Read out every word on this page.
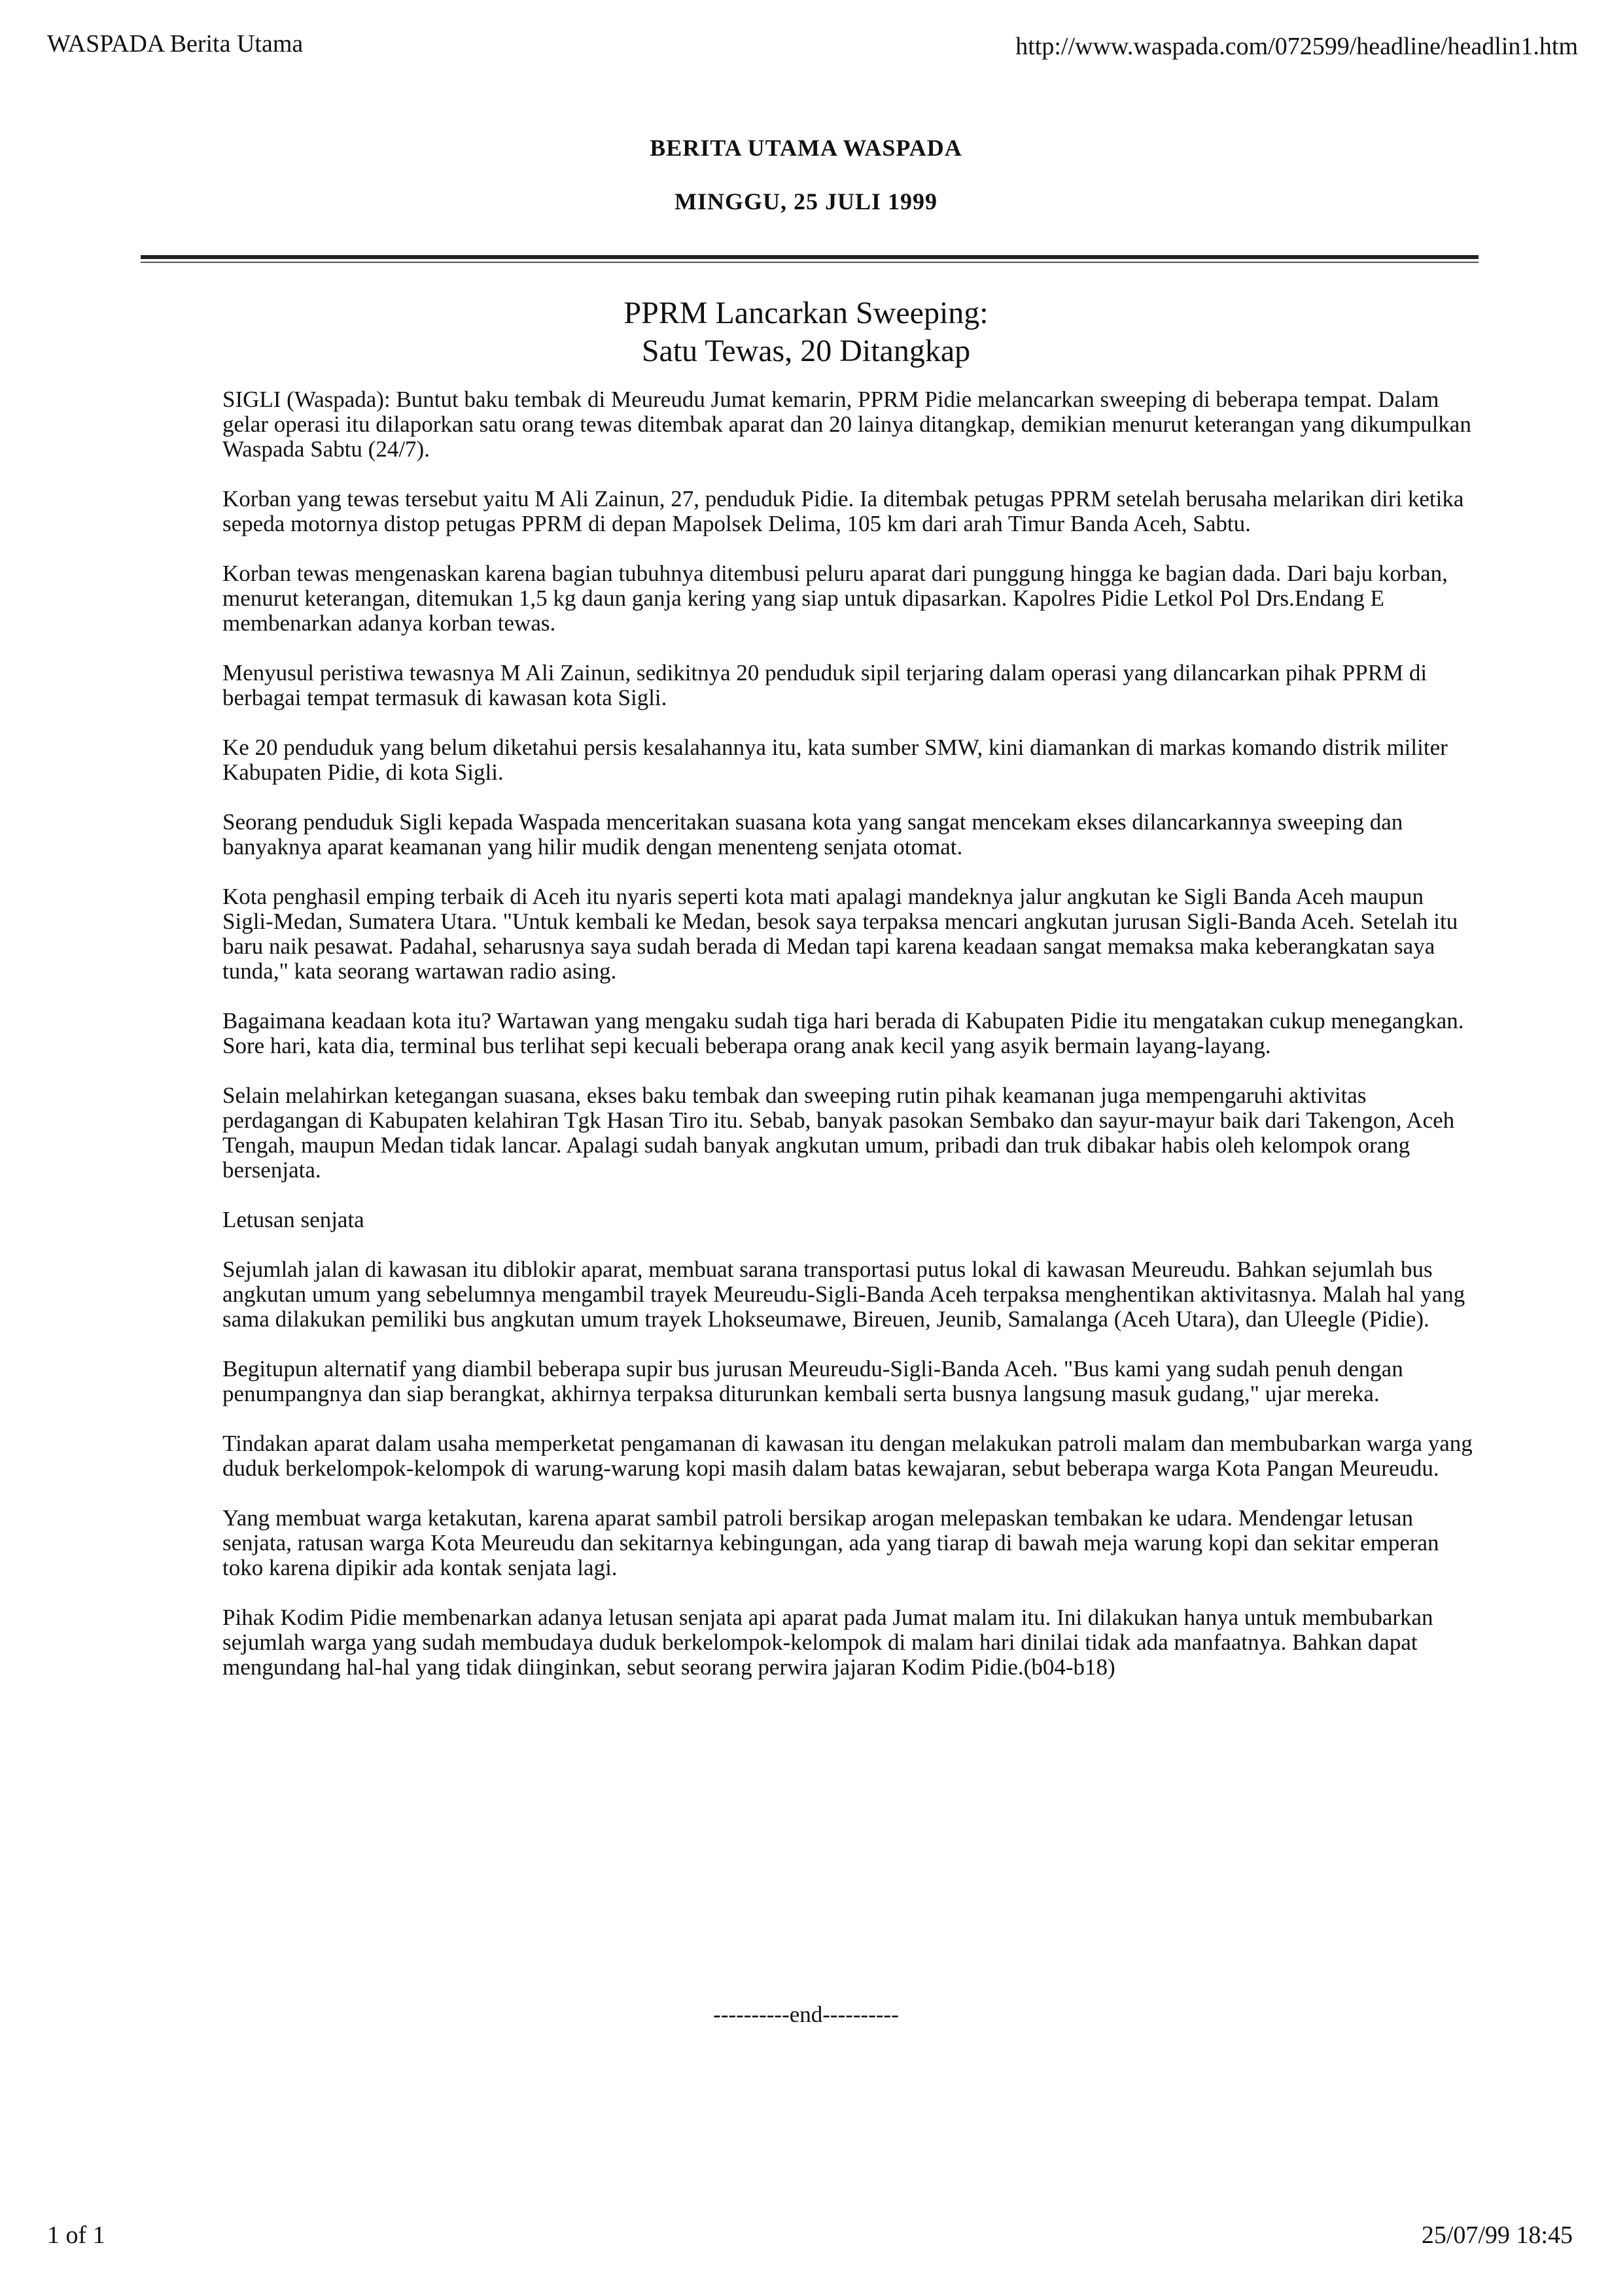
WASPADA Berita Utama	http://www.waspada.com/072599/headline/headlin1.htm
BERITA UTAMA WASPADA
MINGGU, 25 JULI 1999
PPRM Lancarkan Sweeping:
Satu Tewas, 20 Ditangkap

SIGLI (Waspada): Buntut baku tembak di Meureudu Jumat kemarin, PPRM Pidie melancarkan sweeping di beberapa tempat. Dalam gelar operasi itu dilaporkan satu orang tewas ditembak aparat dan 20 lainya ditangkap, demikian menurut keterangan yang dikumpulkan Waspada Sabtu (24/7).

Korban yang tewas tersebut yaitu M Ali Zainun, 27, penduduk Pidie. Ia ditembak petugas PPRM setelah berusaha melarikan diri ketika sepeda motornya distop petugas PPRM di depan Mapolsek Delima, 105 km dari arah Timur Banda Aceh, Sabtu.

Korban tewas mengenaskan karena bagian tubuhnya ditembusi peluru aparat dari punggung hingga ke bagian dada. Dari baju korban, menurut keterangan, ditemukan 1,5 kg daun ganja kering yang siap untuk dipasarkan. Kapolres Pidie Letkol Pol Drs.Endang E membenarkan adanya korban tewas.

Menyusul peristiwa tewasnya M Ali Zainun, sedikitnya 20 penduduk sipil terjaring dalam operasi yang dilancarkan pihak PPRM di berbagai tempat termasuk di kawasan kota Sigli.

Ke 20 penduduk yang belum diketahui persis kesalahannya itu, kata sumber SMW, kini diamankan di markas komando distrik militer Kabupaten Pidie, di kota Sigli.

Seorang penduduk Sigli kepada Waspada menceritakan suasana kota yang sangat mencekam ekses dilancarkannya sweeping dan banyaknya aparat keamanan yang hilir mudik dengan menenteng senjata otomat.

Kota penghasil emping terbaik di Aceh itu nyaris seperti kota mati apalagi mandeknya jalur angkutan ke Sigli Banda Aceh maupun Sigli-Medan, Sumatera Utara. "Untuk kembali ke Medan, besok saya terpaksa mencari angkutan jurusan Sigli-Banda Aceh. Setelah itu baru naik pesawat. Padahal, seharusnya saya sudah berada di Medan tapi karena keadaan sangat memaksa maka keberangkatan saya tunda," kata seorang wartawan radio asing.

Bagaimana keadaan kota itu? Wartawan yang mengaku sudah tiga hari berada di Kabupaten Pidie itu mengatakan cukup menegangkan. Sore hari, kata dia, terminal bus terlihat sepi kecuali beberapa orang anak kecil yang asyik bermain layang-layang.

Selain melahirkan ketegangan suasana, ekses baku tembak dan sweeping rutin pihak keamanan juga mempengaruhi aktivitas perdagangan di Kabupaten kelahiran Tgk Hasan Tiro itu. Sebab, banyak pasokan Sembako dan sayur-mayur baik dari Takengon, Aceh Tengah, maupun Medan tidak lancar. Apalagi sudah banyak angkutan umum, pribadi dan truk dibakar habis oleh kelompok orang bersenjata.

Letusan senjata

Sejumlah jalan di kawasan itu diblokir aparat, membuat sarana transportasi putus lokal di kawasan Meureudu. Bahkan sejumlah bus angkutan umum yang sebelumnya mengambil trayek Meureudu-Sigli-Banda Aceh terpaksa menghentikan aktivitasnya. Malah hal yang sama dilakukan pemiliki bus angkutan umum trayek Lhokseumawe, Bireuen, Jeunib, Samalanga (Aceh Utara), dan Uleegle (Pidie).

Begitupun alternatif yang diambil beberapa supir bus jurusan Meureudu-Sigli-Banda Aceh. "Bus kami yang sudah penuh dengan penumpangnya dan siap berangkat, akhirnya terpaksa diturunkan kembali serta busnya langsung masuk gudang," ujar mereka.

Tindakan aparat dalam usaha memperketat pengamanan di kawasan itu dengan melakukan patroli malam dan membubarkan warga yang duduk berkelompok-kelompok di warung-warung kopi masih dalam batas kewajaran, sebut beberapa warga Kota Pangan Meureudu.

Yang membuat warga ketakutan, karena aparat sambil patroli bersikap arogan melepaskan tembakan ke udara. Mendengar letusan senjata, ratusan warga Kota Meureudu dan sekitarnya kebingungan, ada yang tiarap di bawah meja warung kopi dan sekitar emperan toko karena dipikir ada kontak senjata lagi.

Pihak Kodim Pidie membenarkan adanya letusan senjata api aparat pada Jumat malam itu. Ini dilakukan hanya untuk membubarkan sejumlah warga yang sudah membudaya duduk berkelompok-kelompok di malam hari dinilai tidak ada manfaatnya. Bahkan dapat mengundang hal-hal yang tidak diinginkan, sebut seorang perwira jajaran Kodim Pidie.(b04-b18)

----------end----------
1 of 1	25/07/99 18:45
